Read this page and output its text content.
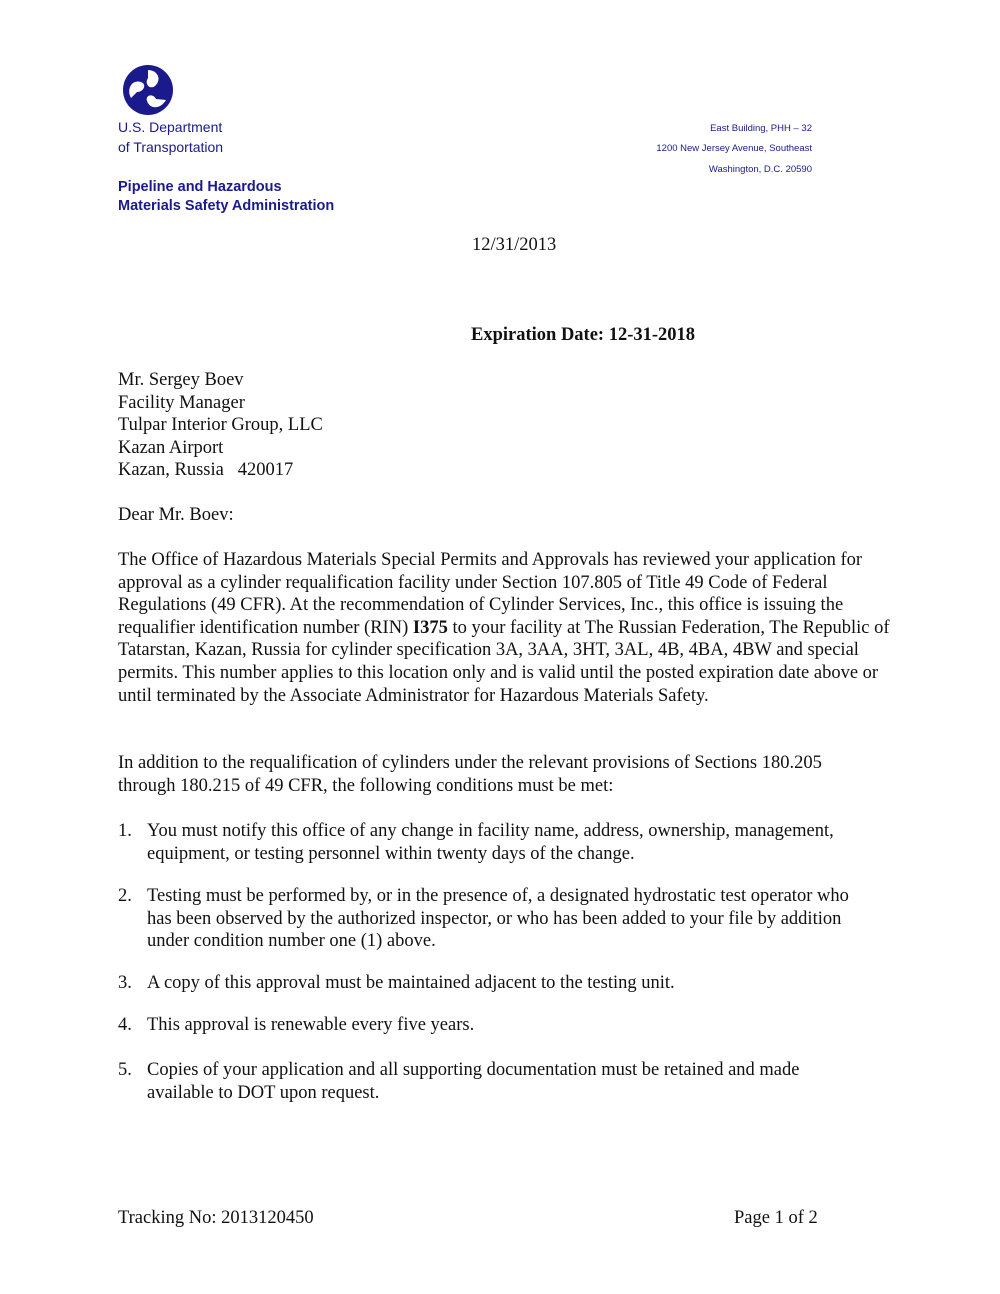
U.S. Department
of Transportation
Pipeline and Hazardous
Materials Safety Administration
East Building, PHH – 32
1200 New Jersey Avenue, Southeast
Washington, D.C. 20590
12/31/2013
Expiration Date: 12-31-2018
Mr. Sergey Boev
Facility Manager
Tulpar Interior Group, LLC
Kazan Airport
Kazan, Russia   420017
Dear Mr. Boev:

The Office of Hazardous Materials Special Permits and Approvals has reviewed your application for approval as a cylinder requalification facility under Section 107.805 of Title 49 Code of Federal Regulations (49 CFR). At the recommendation of Cylinder Services, Inc., this office is issuing the requalifier identification number (RIN) I375 to your facility at The Russian Federation, The Republic of Tatarstan, Kazan, Russia for cylinder specification 3A, 3AA, 3HT, 3AL, 4B, 4BA, 4BW and special permits. This number applies to this location only and is valid until the posted expiration date above or until terminated by the Associate Administrator for Hazardous Materials Safety.

In addition to the requalification of cylinders under the relevant provisions of Sections 180.205 through 180.215 of 49 CFR, the following conditions must be met:

1. You must notify this office of any change in facility name, address, ownership, management, equipment, or testing personnel within twenty days of the change.
2. Testing must be performed by, or in the presence of, a designated hydrostatic test operator who has been observed by the authorized inspector, or who has been added to your file by addition under condition number one (1) above.
3. A copy of this approval must be maintained adjacent to the testing unit.
4. This approval is renewable every five years.
5. Copies of your application and all supporting documentation must be retained and made available to DOT upon request.
Tracking No: 2013120450	Page 1 of 2
